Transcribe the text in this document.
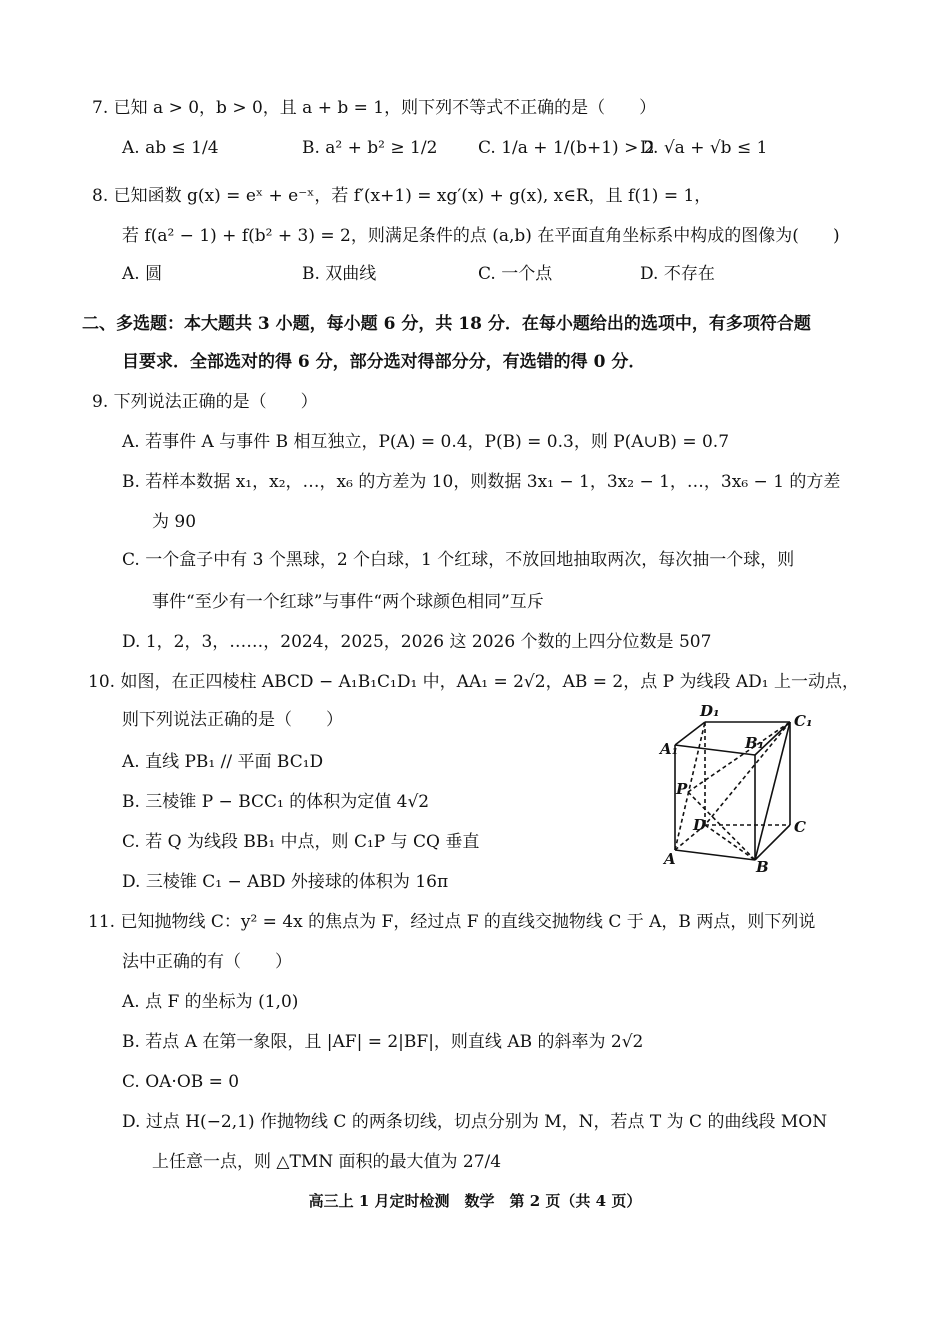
7. 已知 a > 0，b > 0，且 a + b = 1，则下列不等式不正确的是（　　）
A. ab ≤ 1/4	B. a² + b² ≥ 1/2 C. 1/a + 1/(b+1) > 2
D. √a + √b ≤ 1
8. 已知函数 g(x) = eˣ + e⁻ˣ，若 f′(x+1) = xg′(x) + g(x), x∈R，且 f(1) = 1，
若 f(a² − 1) + f(b² + 3) = 2，则满足条件的点 (a,b) 在平面直角坐标系中构成的图像为(　　)
A. 圆	B. 双曲线	C. 一个点	D. 不存在
二、多选题：本大题共 3 小题，每小题 6 分，共 18 分．在每小题给出的选项中，有多项符合题
目要求．全部选对的得 6 分，部分选对得部分分，有选错的得 0 分．
9. 下列说法正确的是（　　）
A. 若事件 A 与事件 B 相互独立，P(A) = 0.4，P(B) = 0.3，则 P(A∪B) = 0.7
B. 若样本数据 x₁，x₂，…，x₆ 的方差为 10，则数据 3x₁ − 1，3x₂ − 1，…，3x₆ − 1 的方差
为 90
C. 一个盒子中有 3 个黑球，2 个白球，1 个红球，不放回地抽取两次，每次抽一个球，则
事件“至少有一个红球”与事件“两个球颜色相同”互斥
D. 1，2，3，……，2024，2025，2026 这 2026 个数的上四分位数是 507
10. 如图，在正四棱柱 ABCD − A₁B₁C₁D₁ 中，AA₁ = 2√2，AB = 2，点 P 为线段 AD₁ 上一动点，
则下列说法正确的是（　　）
A. 直线 PB₁ // 平面 BC₁D
B. 三棱锥 P − BCC₁ 的体积为定值 4√2
C. 若 Q 为线段 BB₁ 中点，则 C₁P 与 CQ 垂直
D. 三棱锥 C₁ − ABD 外接球的体积为 16π
D₁
C₁
A₁	B₁
P
D	C
A	B
11. 已知抛物线 C：y² = 4x 的焦点为 F，经过点 F 的直线交抛物线 C 于 A，B 两点，则下列说
法中正确的有（　　）
A. 点 F 的坐标为 (1,0)
B. 若点 A 在第一象限，且 |AF| = 2|BF|，则直线 AB 的斜率为 2√2
C. OA·OB = 0
D. 过点 H(−2,1) 作抛物线 C 的两条切线，切点分别为 M，N，若点 T 为 C 的曲线段 MON
上任意一点，则 △TMN 面积的最大值为 27/4
高三上 1 月定时检测　数学　第 2 页（共 4 页）
